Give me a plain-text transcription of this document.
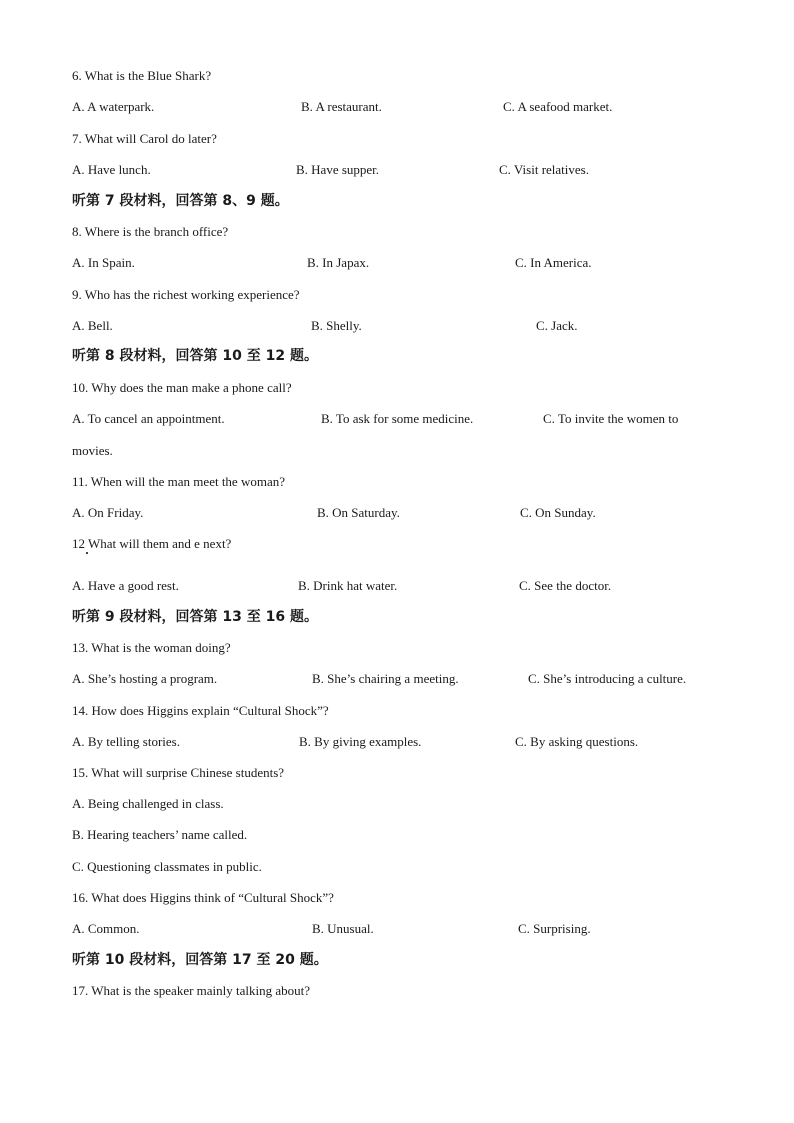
6. What is the Blue Shark?
A. A waterpark.	B. A restaurant.	C. A seafood market.
7. What will Carol do later?
A. Have lunch.	B. Have supper.	C. Visit relatives.
听第 7 段材料，回答第 8、9 题。
8. Where is the branch office?
A. In Spain.	B. In Japax.	C. In America.
9. Who has the richest working experience?
A. Bell.	B. Shelly.	C. Jack.
听第 8 段材料，回答第 10 至 12 题。
10. Why does the man make a phone call?
A. To cancel an appointment.	B. To ask for some medicine.	C. To invite the women to
movies.
11. When will the man meet the woman?
A. On Friday.	B. On Saturday.	C. On Sunday.
12 What will them and e next?
A. Have a good rest.	B. Drink hat water.	C. See the doctor.
听第 9 段材料，回答第 13 至 16 题。
13. What is the woman doing?
A. She’s hosting a program.	B. She’s chairing a meeting.	C. She’s introducing a culture.
14. How does Higgins explain “Cultural Shock”?
A. By telling stories.	B. By giving examples.	C. By asking questions.
15. What will surprise Chinese students?
A. Being challenged in class.
B. Hearing teachers’ name called.
C. Questioning classmates in public.
16. What does Higgins think of “Cultural Shock”?
A. Common.	B. Unusual.	C. Surprising.
听第 10 段材料，回答第 17 至 20 题。
17. What is the speaker mainly talking about?
